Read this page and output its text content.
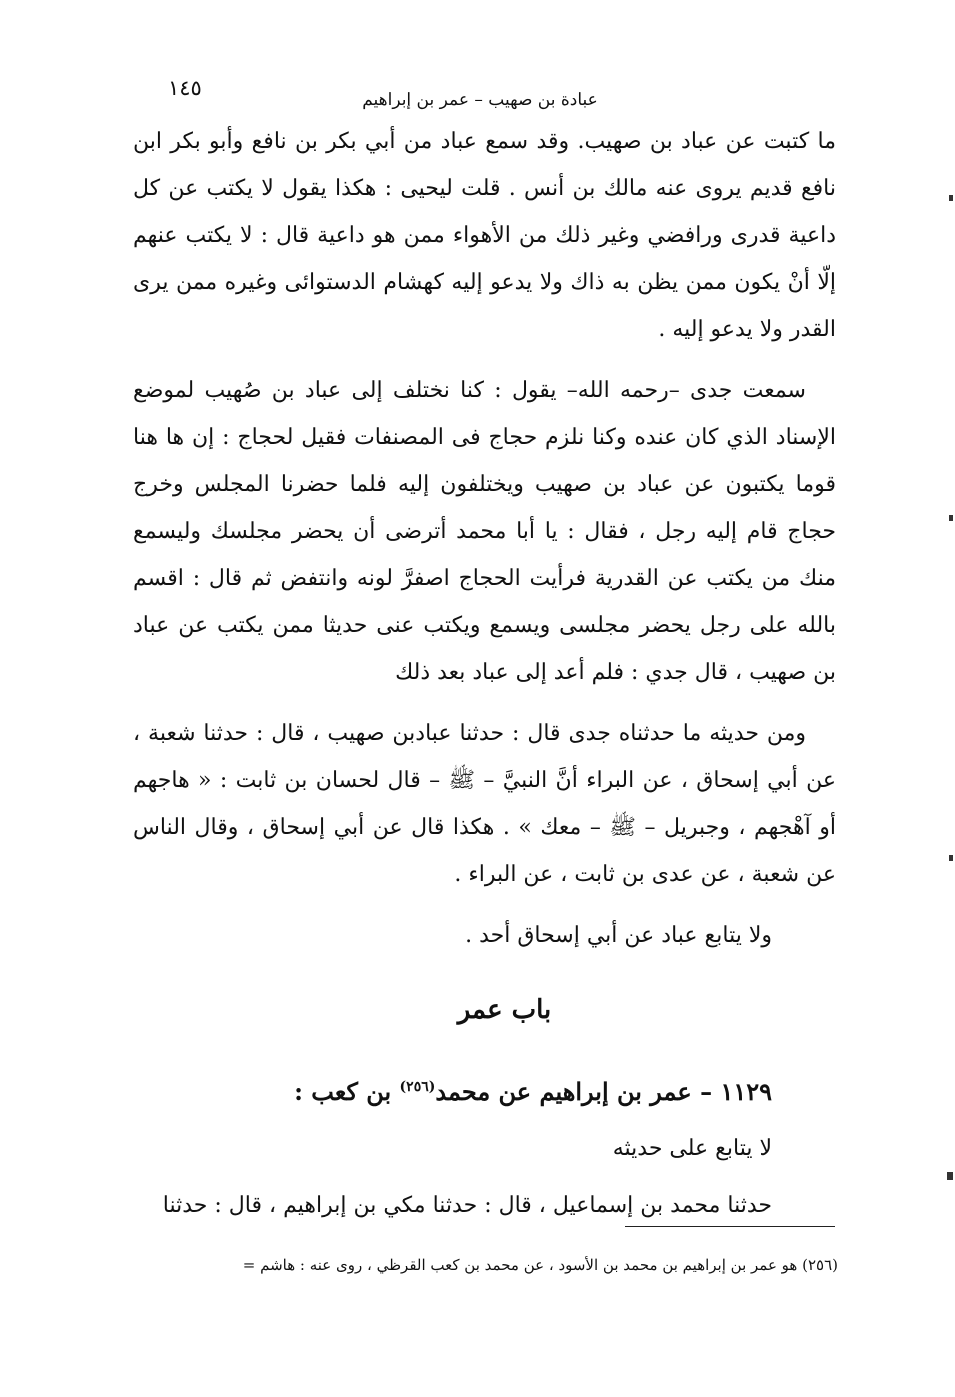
١٤٥	عبادة بن صهيب – عمر بن إبراهيم

ما كتبت عن عباد بن صهيب. وقد سمع عباد من أبي بكر بن نافع وأبو بكر ابن نافع قديم يروى عنه مالك بن أنس . قلت ليحيى : هكذا يقول لا يكتب عن كل داعية قدرى ورافضي وغير ذلك من الأهواء ممن هو داعية قال : لا يكتب عنهم إلّا أنْ يكون ممن يظن به ذاك ولا يدعو إليه كهشام الدستوائى وغيره ممن يرى القدر ولا يدعو إليه .

سمعت جدى –رحمه الله– يقول : كنا نختلف إلى عباد بن صُهيب لموضع الإسناد الذي كان عنده وكنا نلزم حجاج فى المصنفات فقيل لحجاج : إن ها هنا قوما يكتبون عن عباد بن صهيب ويختلفون إليه فلما حضرنا المجلس وخرج حجاج قام إليه رجل ، فقال : يا أبا محمد أترضى أن يحضر مجلسك وليسمع منك من يكتب عن القدرية فرأيت الحجاج اصفرَّ لونه وانتفض ثم قال : اقسم بالله على رجل يحضر مجلسى ويسمع ويكتب عنى حديثا ممن يكتب عن عباد بن صهيب ، قال جدي : فلم أعد إلى عباد بعد ذلك

ومن حديثه ما حدثناه جدى قال : حدثنا عبادبن صهيب ، قال : حدثنا شعبة ، عن أبي إسحاق ، عن البراء أنَّ النبيَّ – ﷺ – قال لحسان بن ثابت : « هاجهم أو آهْجهم ، وجبريل – ﷺ – معك » . هكذا قال عن أبي إسحاق ، وقال الناس عن شعبة ، عن عدى بن ثابت ، عن البراء .

ولا يتابع عباد عن أبي إسحاق أحد .

باب عمر

١١٢٩ – عمر بن إبراهيم عن محمد$^{(٢٥٦)}$ بن كعب :

لا يتابع على حديثه

حدثنا محمد بن إسماعيل ، قال : حدثنا مكي بن إبراهيم ، قال : حدثنا

(٢٥٦) هو عمر بن إبراهيم بن محمد بن الأسود ، عن محمد بن كعب القرظي ، روى عنه : هاشم =
